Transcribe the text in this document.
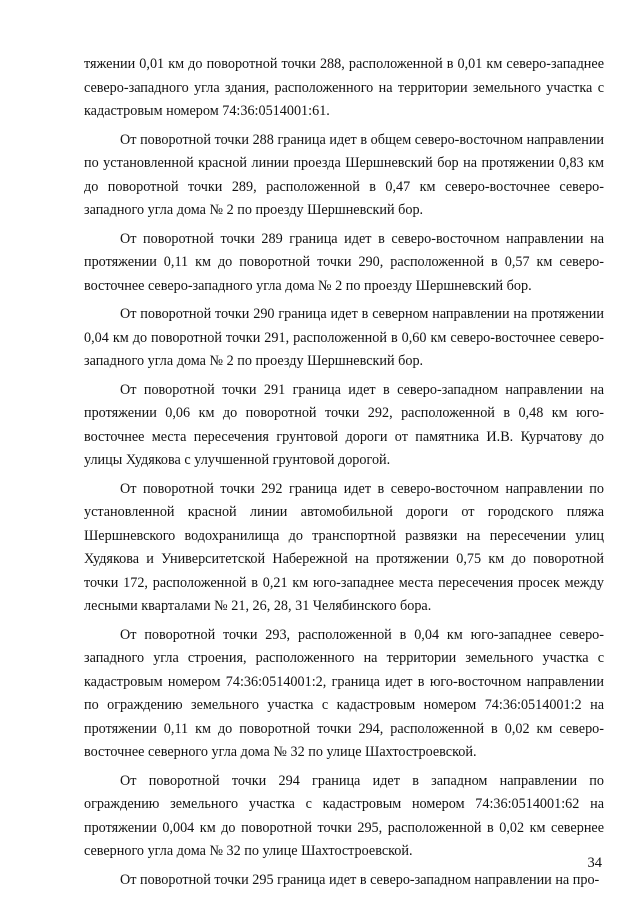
тяжении 0,01 км до поворотной точки 288, расположенной в 0,01 км северо-западнее северо-западного угла здания, расположенного на территории земельного участка с кадастровым номером 74:36:0514001:61.

От поворотной точки 288 граница идет в общем северо-восточном направлении по установленной красной линии проезда Шершневский бор на протяжении 0,83 км до поворотной точки 289, расположенной в 0,47 км северо-восточнее северо-западного угла дома № 2 по проезду Шершневский бор.

От поворотной точки 289 граница идет в северо-восточном направлении на протяжении 0,11 км до поворотной точки 290, расположенной в 0,57 км северо-восточнее северо-западного угла дома № 2 по проезду Шершневский бор.

От поворотной точки 290 граница идет в северном направлении на протяжении 0,04 км до поворотной точки 291, расположенной в 0,60 км северо-восточнее северо-западного угла дома № 2 по проезду Шершневский бор.

От поворотной точки 291 граница идет в северо-западном направлении на протяжении 0,06 км до поворотной точки 292, расположенной в 0,48 км юго-восточнее места пересечения грунтовой дороги от памятника И.В. Курчатову до улицы Худякова с улучшенной грунтовой дорогой.

От поворотной точки 292 граница идет в северо-восточном направлении по установленной красной линии автомобильной дороги от городского пляжа Шершневского водохранилища до транспортной развязки на пересечении улиц Худякова и Университетской Набережной на протяжении 0,75 км до поворотной точки 172, расположенной в 0,21 км юго-западнее места пересечения просек между лесными кварталами № 21, 26, 28, 31 Челябинского бора.

От поворотной точки 293, расположенной в 0,04 км юго-западнее северо-западного угла строения, расположенного на территории земельного участка с кадастровым номером 74:36:0514001:2, граница идет в юго-восточном направлении по ограждению земельного участка с кадастровым номером 74:36:0514001:2 на протяжении 0,11 км до поворотной точки 294, расположенной в 0,02 км северо-восточнее северного угла дома № 32 по улице Шахтостроевской.

От поворотной точки 294 граница идет в западном направлении по ограждению земельного участка с кадастровым номером 74:36:0514001:62 на протяжении 0,004 км до поворотной точки 295, расположенной в 0,02 км севернее северного угла дома № 32 по улице Шахтостроевской.

От поворотной точки 295 граница идет в северо-западном направлении на про-

34
